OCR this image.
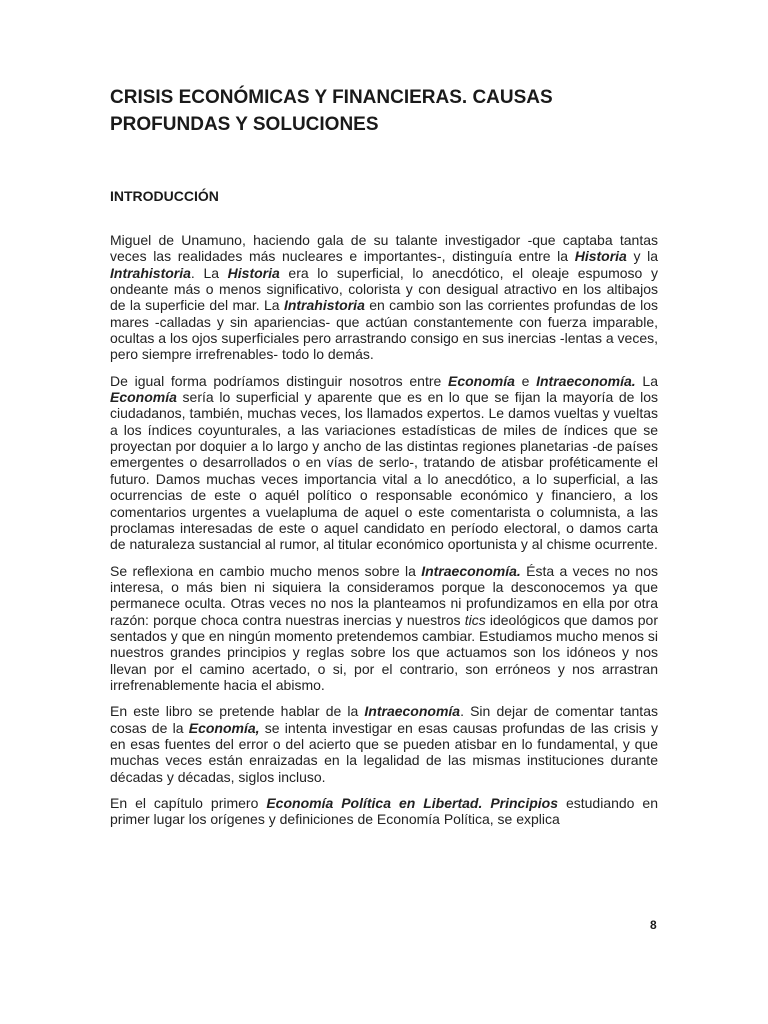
CRISIS ECONÓMICAS Y FINANCIERAS. CAUSAS PROFUNDAS Y SOLUCIONES
INTRODUCCIÓN

Miguel de Unamuno, haciendo gala de su talante investigador -que captaba tantas veces las realidades más nucleares e importantes-, distinguía entre la Historia y la Intrahistoria. La Historia era lo superficial, lo anecdótico, el oleaje espumoso y ondeante más o menos significativo, colorista y con desigual atractivo en los altibajos de la superficie del mar. La Intrahistoria en cambio son las corrientes profundas de los mares -calladas y sin apariencias- que actúan constantemente con fuerza imparable, ocultas a los ojos superficiales pero arrastrando consigo en sus inercias -lentas a veces, pero siempre irrefrenables- todo lo demás.

De igual forma podríamos distinguir nosotros entre Economía e Intraeconomía. La Economía sería lo superficial y aparente que es en lo que se fijan la mayoría de los ciudadanos, también, muchas veces, los llamados expertos. Le damos vueltas y vueltas a los índices coyunturales, a las variaciones estadísticas de miles de índices que se proyectan por doquier a lo largo y ancho de las distintas regiones planetarias -de países emergentes o desarrollados o en vías de serlo-, tratando de atisbar proféticamente el futuro. Damos muchas veces importancia vital a lo anecdótico, a lo superficial, a las ocurrencias de este o aquél político o responsable económico y financiero, a los comentarios urgentes a vuelapluma de aquel o este comentarista o columnista, a las proclamas interesadas de este o aquel candidato en período electoral, o damos carta de naturaleza sustancial al rumor, al titular económico oportunista y al chisme ocurrente.

Se reflexiona en cambio mucho menos sobre la Intraeconomía. Ésta a veces no nos interesa, o más bien ni siquiera la consideramos porque la desconocemos ya que permanece oculta. Otras veces no nos la planteamos ni profundizamos en ella por otra razón: porque choca contra nuestras inercias y nuestros tics ideológicos que damos por sentados y que en ningún momento pretendemos cambiar. Estudiamos mucho menos si nuestros grandes principios y reglas sobre los que actuamos son los idóneos y nos llevan por el camino acertado, o si, por el contrario, son erróneos y nos arrastran irrefrenablemente hacia el abismo.

En este libro se pretende hablar de la Intraeconomía. Sin dejar de comentar tantas cosas de la Economía, se intenta investigar en esas causas profundas de las crisis y en esas fuentes del error o del acierto que se pueden atisbar en lo fundamental, y que muchas veces están enraizadas en la legalidad de las mismas instituciones durante décadas y décadas, siglos incluso.

En el capítulo primero Economía Política en Libertad. Principios estudiando en primer lugar los orígenes y definiciones de Economía Política, se explica

8
